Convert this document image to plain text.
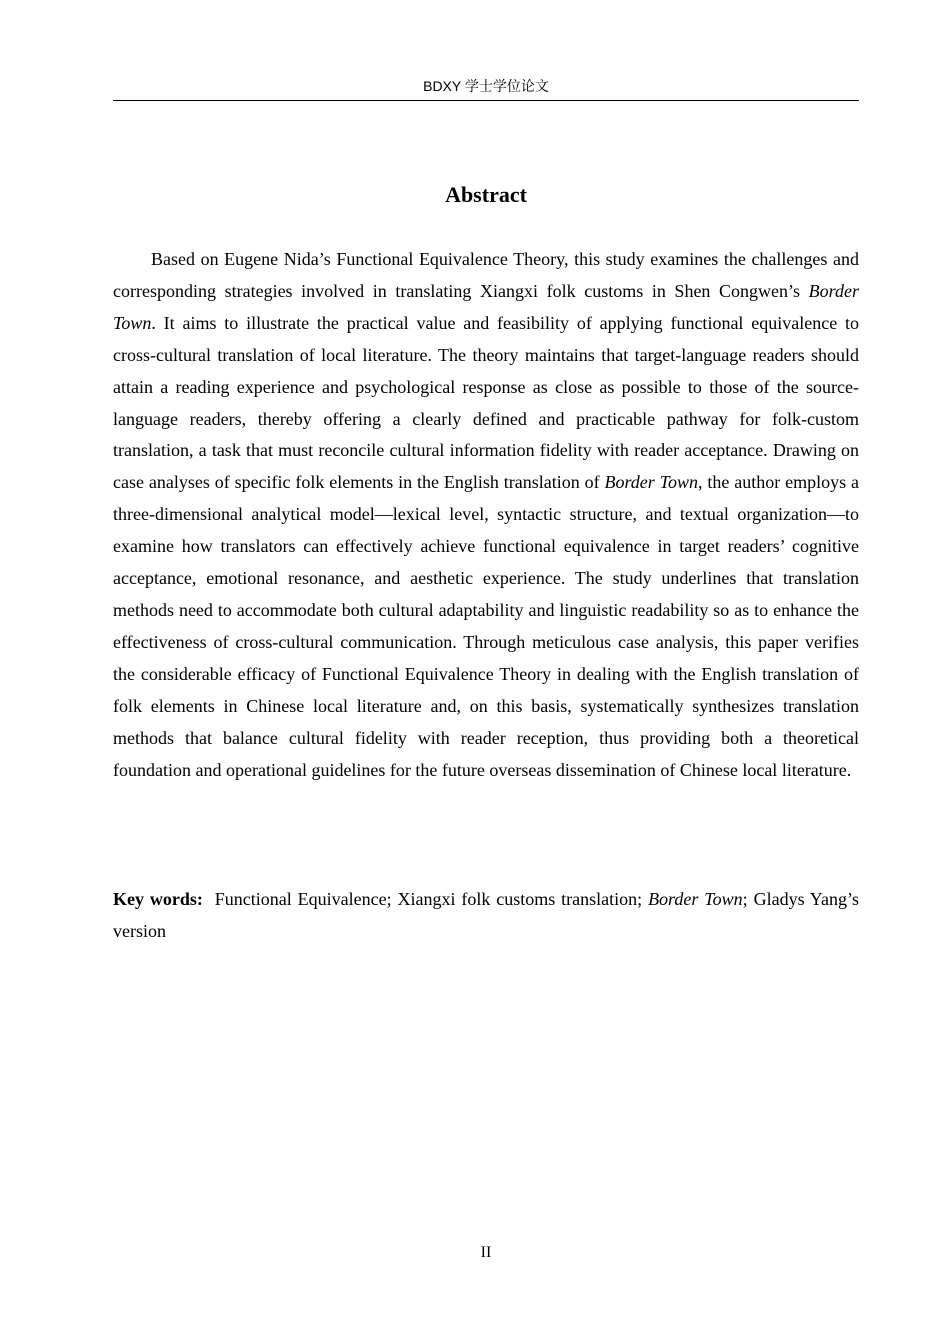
BDXY 学士学位论文
Abstract

Based on Eugene Nida’s Functional Equivalence Theory, this study examines the challenges and corresponding strategies involved in translating Xiangxi folk customs in Shen Congwen’s Border Town. It aims to illustrate the practical value and feasibility of applying functional equivalence to cross-cultural translation of local literature. The theory maintains that target-language readers should attain a reading experience and psychological response as close as possible to those of the source-language readers, thereby offering a clearly defined and practicable pathway for folk-custom translation, a task that must reconcile cultural information fidelity with reader acceptance. Drawing on case analyses of specific folk elements in the English translation of Border Town, the author employs a three-dimensional analytical model—lexical level, syntactic structure, and textual organization—to examine how translators can effectively achieve functional equivalence in target readers’ cognitive acceptance, emotional resonance, and aesthetic experience. The study underlines that translation methods need to accommodate both cultural adaptability and linguistic readability so as to enhance the effectiveness of cross-cultural communication. Through meticulous case analysis, this paper verifies the considerable efficacy of Functional Equivalence Theory in dealing with the English translation of folk elements in Chinese local literature and, on this basis, systematically synthesizes translation methods that balance cultural fidelity with reader reception, thus providing both a theoretical foundation and operational guidelines for the future overseas dissemination of Chinese local literature.

Key words: Functional Equivalence; Xiangxi folk customs translation; Border Town; Gladys Yang’s version

II
